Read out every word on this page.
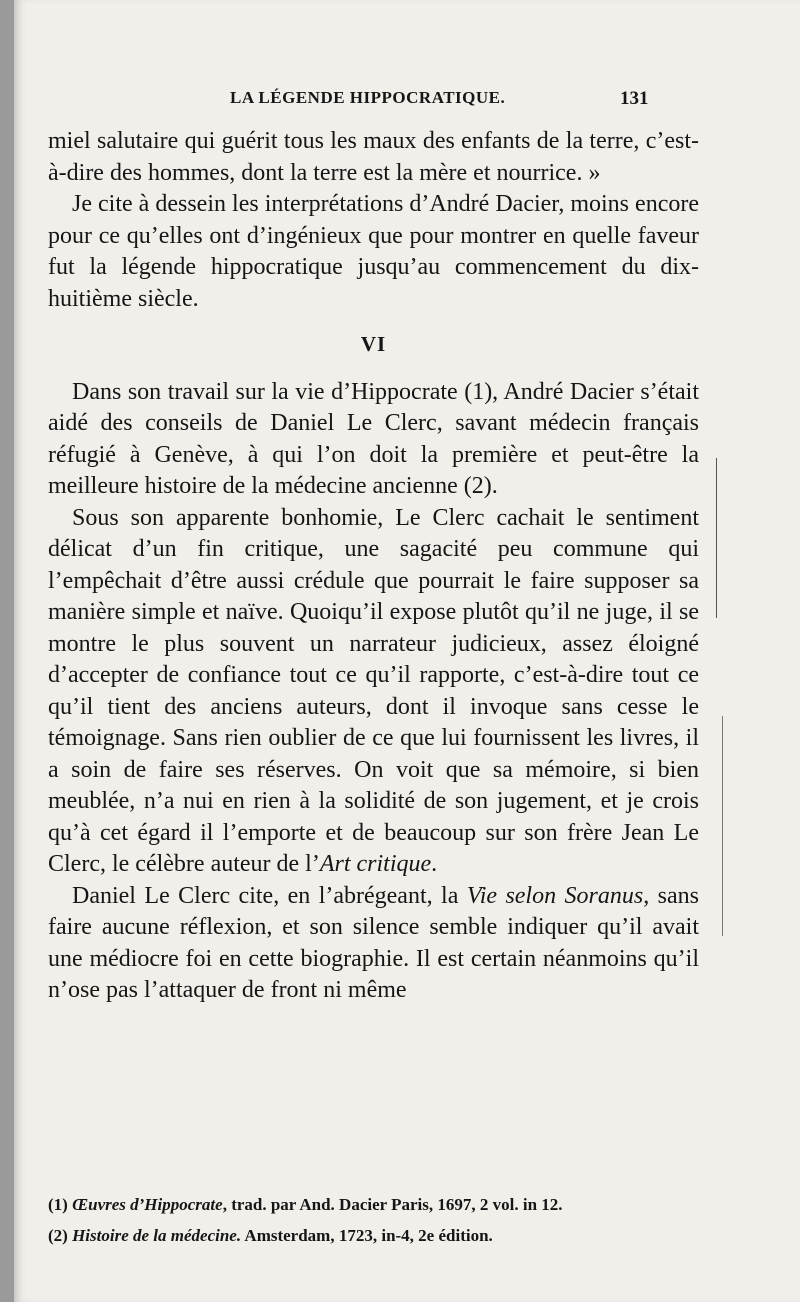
LA LÉGENDE HIPPOCRATIQUE.	131

miel salutaire qui guérit tous les maux des enfants de la terre, c’est-à-dire des hommes, dont la terre est la mère et nourrice. »

Je cite à dessein les interprétations d’André Dacier, moins encore pour ce qu’elles ont d’ingénieux que pour montrer en quelle faveur fut la légende hippocratique jusqu’au commencement du dix-huitième siècle.

VI

Dans son travail sur la vie d’Hippocrate (1), André Dacier s’était aidé des conseils de Daniel Le Clerc, savant médecin français réfugié à Genève, à qui l’on doit la première et peut-être la meilleure histoire de la médecine ancienne (2).

Sous son apparente bonhomie, Le Clerc cachait le sentiment délicat d’un fin critique, une sagacité peu commune qui l’empêchait d’être aussi crédule que pourrait le faire supposer sa manière simple et naïve. Quoiqu’il expose plutôt qu’il ne juge, il se montre le plus souvent un narrateur judicieux, assez éloigné d’accepter de confiance tout ce qu’il rapporte, c’est-à-dire tout ce qu’il tient des anciens auteurs, dont il invoque sans cesse le témoignage. Sans rien oublier de ce que lui fournissent les livres, il a soin de faire ses réserves. On voit que sa mémoire, si bien meublée, n’a nui en rien à la solidité de son jugement, et je crois qu’à cet égard il l’emporte et de beaucoup sur son frère Jean Le Clerc, le célèbre auteur de l’Art critique.

Daniel Le Clerc cite, en l’abrégeant, la Vie selon Soranus, sans faire aucune réflexion, et son silence semble indiquer qu’il avait une médiocre foi en cette biographie. Il est certain néanmoins qu’il n’ose pas l’attaquer de front ni même

(1) Œuvres d’Hippocrate, trad. par And. Dacier Paris, 1697, 2 vol. in 12.

(2) Histoire de la médecine. Amsterdam, 1723, in-4, 2e édition.
